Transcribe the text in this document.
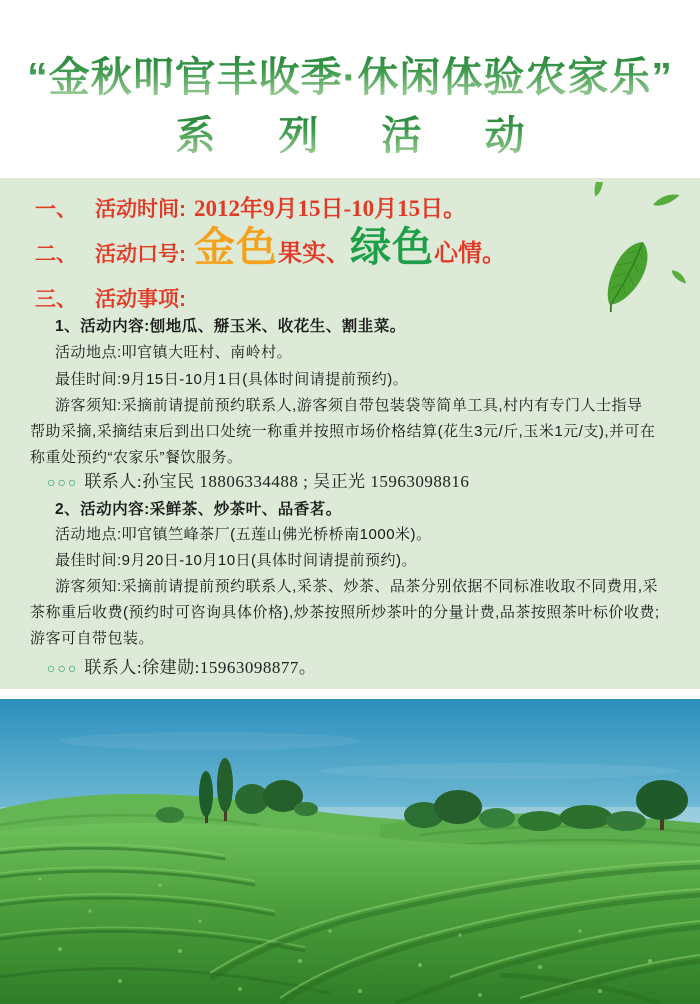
“金秋叩官丰收季·休闲体验农家乐”
系 列 活 动
一、 活动时间: 2012年9月15日-10月15日。
二、 活动口号: 金色果实、绿色心情。
三、 活动事项:
1、活动内容:刨地瓜、掰玉米、收花生、割韭菜。
活动地点:叩官镇大旺村、南岭村。
最佳时间:9月15日-10月1日(具体时间请提前预约)。
游客须知:采摘前请提前预约联系人,游客须自带包装袋等简单工具,村内有专门人士指导
帮助采摘,采摘结束后到出口处统一称重并按照市场价格结算(花生3元/斤,玉米1元/支),并可在
称重处预约“农家乐”餐饮服务。
○○○ 联系人:孙宝民 18806334488 ; 吴正光 15963098816
2、活动内容:采鲜茶、炒茶叶、品香茗。
活动地点:叩官镇竺峰茶厂(五莲山佛光桥桥南1000米)。
最佳时间:9月20日-10月10日(具体时间请提前预约)。
游客须知:采摘前请提前预约联系人,采茶、炒茶、品茶分别依据不同标准收取不同费用,采
茶称重后收费(预约时可咨询具体价格),炒茶按照所炒茶叶的分量计费,品茶按照茶叶标价收费;
游客可自带包装。
○○○ 联系人:徐建勋:15963098877。
